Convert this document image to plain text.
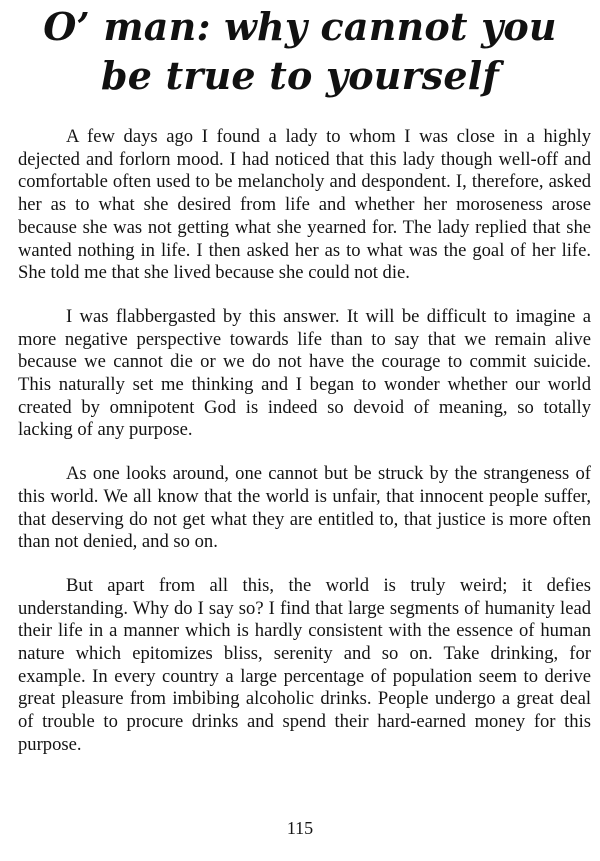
O’ man: why cannot you be true to yourself

A few days ago I found a lady to whom I was close in a highly dejected and forlorn mood. I had noticed that this lady though well-off and comfortable often used to be melancholy and despondent. I, therefore, asked her as to what she desired from life and whether her moroseness arose because she was not getting what she yearned for. The lady replied that she wanted nothing in life. I then asked her as to what was the goal of her life. She told me that she lived because she could not die.

I was flabbergasted by this answer. It will be difficult to imagine a more negative perspective towards life than to say that we remain alive because we cannot die or we do not have the courage to commit suicide. This naturally set me thinking and I began to wonder whether our world created by omnipotent God is indeed so devoid of meaning, so totally lacking of any purpose.

As one looks around, one cannot but be struck by the strangeness of this world. We all know that the world is unfair, that innocent people suffer, that deserving do not get what they are entitled to, that justice is more often than not denied, and so on.

But apart from all this, the world is truly weird; it defies understanding. Why do I say so? I find that large segments of humanity lead their life in a manner which is hardly consistent with the essence of human nature which epitomizes bliss, serenity and so on. Take drinking, for example. In every country a large percentage of population seem to derive great pleasure from imbibing alcoholic drinks. People undergo a great deal of trouble to procure drinks and spend their hard-earned money for this purpose.

115
